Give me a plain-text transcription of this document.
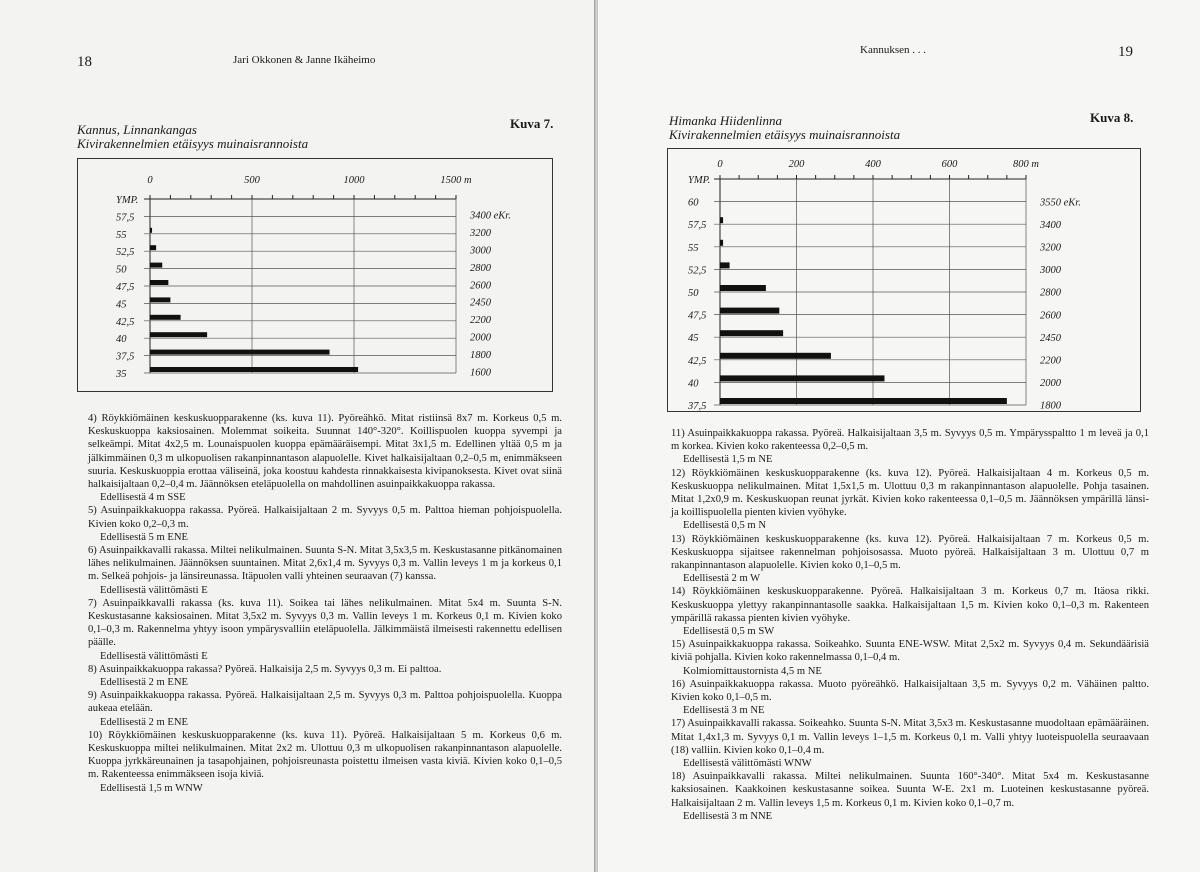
18	Jari Okkonen & Janne Ikäheimo
Kannus, Linnankangas
Kivirakennelmien etäisyys muinaisrannoista
Kuva 7.
0	500	1000	1500 m
YMP.
57,5	3400 eKr.
55	3200
52,5	3000
50	2800
47,5	2600
45	2450
42,5	2200
40	2000
37,5	1800
35	1600

4) Röykkiömäinen keskuskuopparakenne (ks. kuva 11). Pyöreähkö. Mitat ristiinsä 8x7 m. Korkeus 0,5 m. Keskuskuoppa kaksiosainen. Molemmat soikeita. Suunnat 140°-320°. Koillispuolen kuoppa syvempi ja selkeämpi. Mitat 4x2,5 m. Lounaispuolen kuoppa epämääräisempi. Mitat 3x1,5 m. Edellinen yltää 0,5 m ja jälkimmäinen 0,3 m ulkopuolisen rakanpinnantason alapuolelle. Kivet halkaisijaltaan 0,2–0,5 m, enimmäkseen suuria. Keskuskuoppia erottaa väliseinä, joka koostuu kahdesta rinnakkaisesta kivipanoksesta. Kivet ovat siinä halkaisijaltaan 0,2–0,4 m. Jäännöksen eteläpuolella on mahdollinen asuinpaikkakuoppa rakassa.

Edellisestä 4 m SSE

5) Asuinpaikkakuoppa rakassa. Pyöreä. Halkaisijaltaan 2 m. Syvyys 0,5 m. Palttoa hieman pohjoispuolella. Kivien koko 0,2–0,3 m.

Edellisestä 5 m ENE

6) Asuinpaikkavalli rakassa. Miltei nelikulmainen. Suunta S-N. Mitat 3,5x3,5 m. Keskustasanne pitkänomainen lähes nelikulmainen. Jäännöksen suuntainen. Mitat 2,6x1,4 m. Syvyys 0,3 m. Vallin leveys 1 m ja korkeus 0,1 m. Selkeä pohjois- ja länsireunassa. Itäpuolen valli yhteinen seuraavan (7) kanssa.

Edellisestä välittömästi E

7) Asuinpaikkavalli rakassa (ks. kuva 11). Soikea tai lähes nelikulmainen. Mitat 5x4 m. Suunta S-N. Keskustasanne kaksiosainen. Mitat 3,5x2 m. Syvyys 0,3 m. Vallin leveys 1 m. Korkeus 0,1 m. Kivien koko 0,1–0,3 m. Rakennelma yhtyy isoon ympärysvalliin eteläpuolella. Jälkimmäistä ilmeisesti rakennettu edellisen päälle.

Edellisestä välittömästi E

8) Asuinpaikkakuoppa rakassa? Pyöreä. Halkaisija 2,5 m. Syvyys 0,3 m. Ei palttoa.

Edellisestä 2 m ENE

9) Asuinpaikkakuoppa rakassa. Pyöreä. Halkaisijaltaan 2,5 m. Syvyys 0,3 m. Palttoa pohjoispuolella. Kuoppa aukeaa etelään.

Edellisestä 2 m ENE

10) Röykkiömäinen keskuskuopparakenne (ks. kuva 11). Pyöreä. Halkaisijaltaan 5 m. Korkeus 0,6 m. Keskuskuoppa miltei nelikulmainen. Mitat 2x2 m. Ulottuu 0,3 m ulkopuolisen rakanpinnantason alapuolelle. Kuoppa jyrkkäreunainen ja tasapohjainen, pohjoisreunasta poistettu ilmeisen vasta kiviä. Kivien koko 0,1–0,5 m. Rakenteessa enimmäkseen isoja kiviä.

Edellisestä 1,5 m WNW

Kannuksen . . .	19
Himanka Hiidenlinna
Kivirakennelmien etäisyys muinaisrannoista
Kuva 8.
0	200	400	600	800 m
YMP.
60	3550 eKr.
57,5	3400
55	3200
52,5	3000
50	2800
47,5	2600
45	2450
42,5	2200
40	2000
37,5	1800

11) Asuinpaikkakuoppa rakassa. Pyöreä. Halkaisijaltaan 3,5 m. Syvyys 0,5 m. Ympärysspaltto 1 m leveä ja 0,1 m korkea. Kivien koko rakenteessa 0,2–0,5 m.

Edellisestä 1,5 m NE

12) Röykkiömäinen keskuskuopparakenne (ks. kuva 12). Pyöreä. Halkaisijaltaan 4 m. Korkeus 0,5 m. Keskuskuoppa nelikulmainen. Mitat 1,5x1,5 m. Ulottuu 0,3 m rakanpinnantason alapuolelle. Pohja tasainen. Mitat 1,2x0,9 m. Keskuskuopan reunat jyrkät. Kivien koko rakenteessa 0,1–0,5 m. Jäännöksen ympärillä länsi- ja koillispuolella pienten kivien vyöhyke.

Edellisestä 0,5 m N

13) Röykkiömäinen keskuskuopparakenne (ks. kuva 12). Pyöreä. Halkaisijaltaan 7 m. Korkeus 0,5 m. Keskuskuoppa sijaitsee rakennelman pohjoisosassa. Muoto pyöreä. Halkaisijaltaan 3 m. Ulottuu 0,7 m rakanpinnantason alapuolelle. Kivien koko 0,1–0,5 m.

Edellisestä 2 m W

14) Röykkiömäinen keskuskuopparakenne. Pyöreä. Halkaisijaltaan 3 m. Korkeus 0,7 m. Itäosa rikki. Keskuskuoppa ylettyy rakanpinnantasolle saakka. Halkaisijaltaan 1,5 m. Kivien koko 0,1–0,3 m. Rakenteen ympärillä rakassa pienten kivien vyöhyke.

Edellisestä 0,5 m SW

15) Asuinpaikkakuoppa rakassa. Soikeahko. Suunta ENE-WSW. Mitat 2,5x2 m. Syvyys 0,4 m. Sekundäärisiä kiviä pohjalla. Kivien koko rakennelmassa 0,1–0,4 m.

Kolmiomittaustornista 4,5 m NE

16) Asuinpaikkakuoppa rakassa. Muoto pyöreähkö. Halkaisijaltaan 3,5 m. Syvyys 0,2 m. Vähäinen paltto. Kivien koko 0,1–0,5 m.

Edellisestä 3 m NE

17) Asuinpaikkavalli rakassa. Soikeahko. Suunta S-N. Mitat 3,5x3 m. Keskustasanne muodoltaan epämääräinen. Mitat 1,4x1,3 m. Syvyys 0,1 m. Vallin leveys 1–1,5 m. Korkeus 0,1 m. Valli yhtyy luoteispuolella seuraavaan (18) valliin. Kivien koko 0,1–0,4 m.

Edellisestä välittömästi WNW

18) Asuinpaikkavalli rakassa. Miltei nelikulmainen. Suunta 160°-340°. Mitat 5x4 m. Keskustasanne kaksiosainen. Kaakkoinen keskustasanne soikea. Suunta W-E. 2x1 m. Luoteinen keskustasanne pyöreä. Halkaisijaltaan 2 m. Vallin leveys 1,5 m. Korkeus 0,1 m. Kivien koko 0,1–0,7 m.

Edellisestä 3 m NNE
